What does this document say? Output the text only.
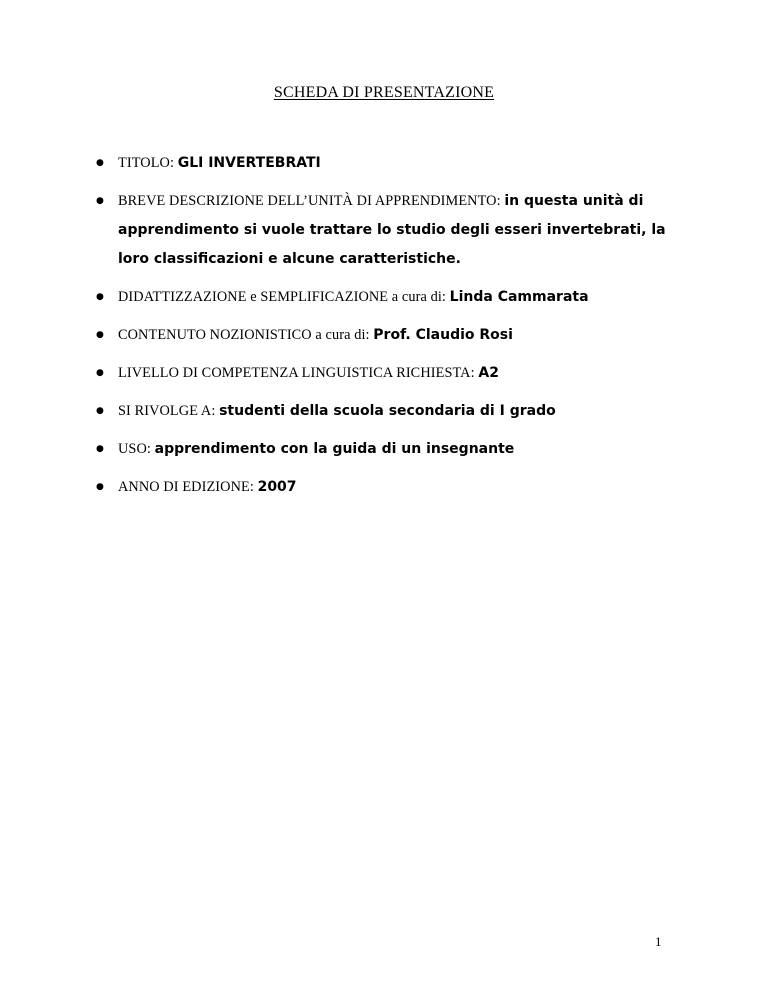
SCHEDA DI PRESENTAZIONE
● TITOLO: GLI INVERTEBRATI
● BREVE DESCRIZIONE DELL’UNITÀ DI APPRENDIMENTO: in questa unità di apprendimento si vuole trattare lo studio degli esseri invertebrati, la loro classificazioni e alcune caratteristiche.
● DIDATTIZZAZIONE e SEMPLIFICAZIONE a cura di: Linda Cammarata
● CONTENUTO NOZIONISTICO a cura di: Prof. Claudio Rosi
● LIVELLO DI COMPETENZA LINGUISTICA RICHIESTA: A2
● SI RIVOLGE A: studenti della scuola secondaria di I grado
● USO: apprendimento con la guida di un insegnante
● ANNO DI EDIZIONE: 2007
1
